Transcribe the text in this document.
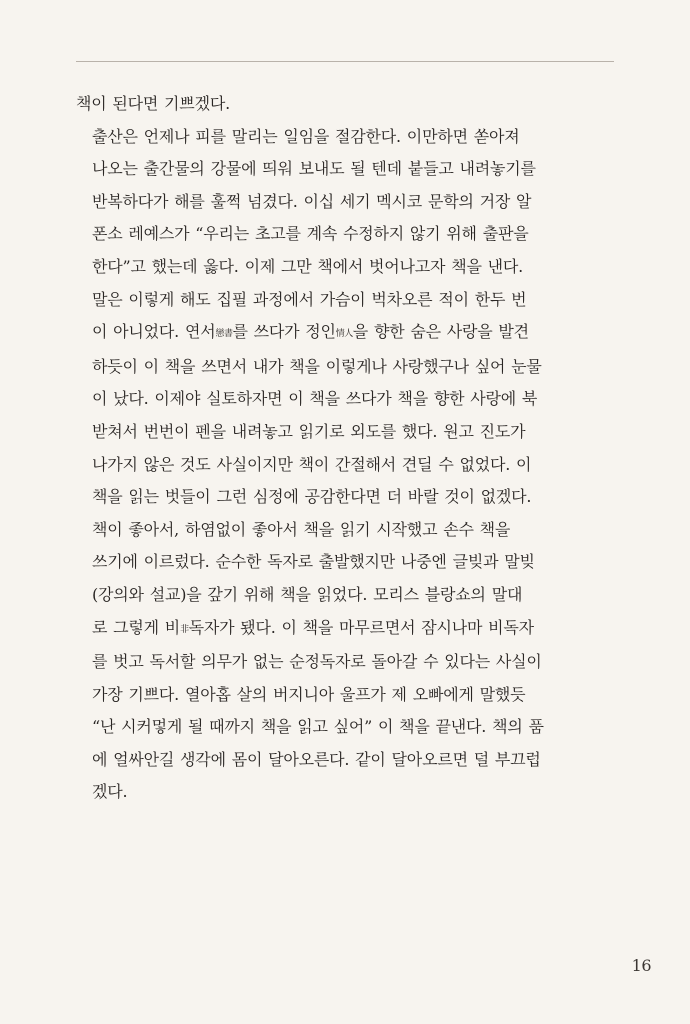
책이 된다면 기쁘겠다.

출산은 언제나 피를 말리는 일임을 절감한다. 이만하면 쏟아져
나오는 출간물의 강물에 띄워 보내도 될 텐데 붙들고 내려놓기를
반복하다가 해를 훌쩍 넘겼다. 이십 세기 멕시코 문학의 거장 알
폰소 레예스가 “우리는 초고를 계속 수정하지 않기 위해 출판을
한다”고 했는데 옳다. 이제 그만 책에서 벗어나고자 책을 낸다.

말은 이렇게 해도 집필 과정에서 가슴이 벅차오른 적이 한두 번
이 아니었다. 연서戀書를 쓰다가 정인情人을 향한 숨은 사랑을 발견
하듯이 이 책을 쓰면서 내가 책을 이렇게나 사랑했구나 싶어 눈물
이 났다. 이제야 실토하자면 이 책을 쓰다가 책을 향한 사랑에 북
받쳐서 번번이 펜을 내려놓고 읽기로 외도를 했다. 원고 진도가
나가지 않은 것도 사실이지만 책이 간절해서 견딜 수 없었다. 이
책을 읽는 벗들이 그런 심정에 공감한다면 더 바랄 것이 없겠다.

책이 좋아서, 하염없이 좋아서 책을 읽기 시작했고 손수 책을
쓰기에 이르렀다. 순수한 독자로 출발했지만 나중엔 글빚과 말빚
(강의와 설교)을 갚기 위해 책을 읽었다. 모리스 블랑쇼의 말대
로 그렇게 비非독자가 됐다. 이 책을 마무르면서 잠시나마 비독자
를 벗고 독서할 의무가 없는 순정독자로 돌아갈 수 있다는 사실이
가장 기쁘다. 열아홉 살의 버지니아 울프가 제 오빠에게 말했듯
“난 시커멓게 될 때까지 책을 읽고 싶어” 이 책을 끝낸다. 책의 품
에 얼싸안길 생각에 몸이 달아오른다. 같이 달아오르면 덜 부끄럽
겠다.

16
